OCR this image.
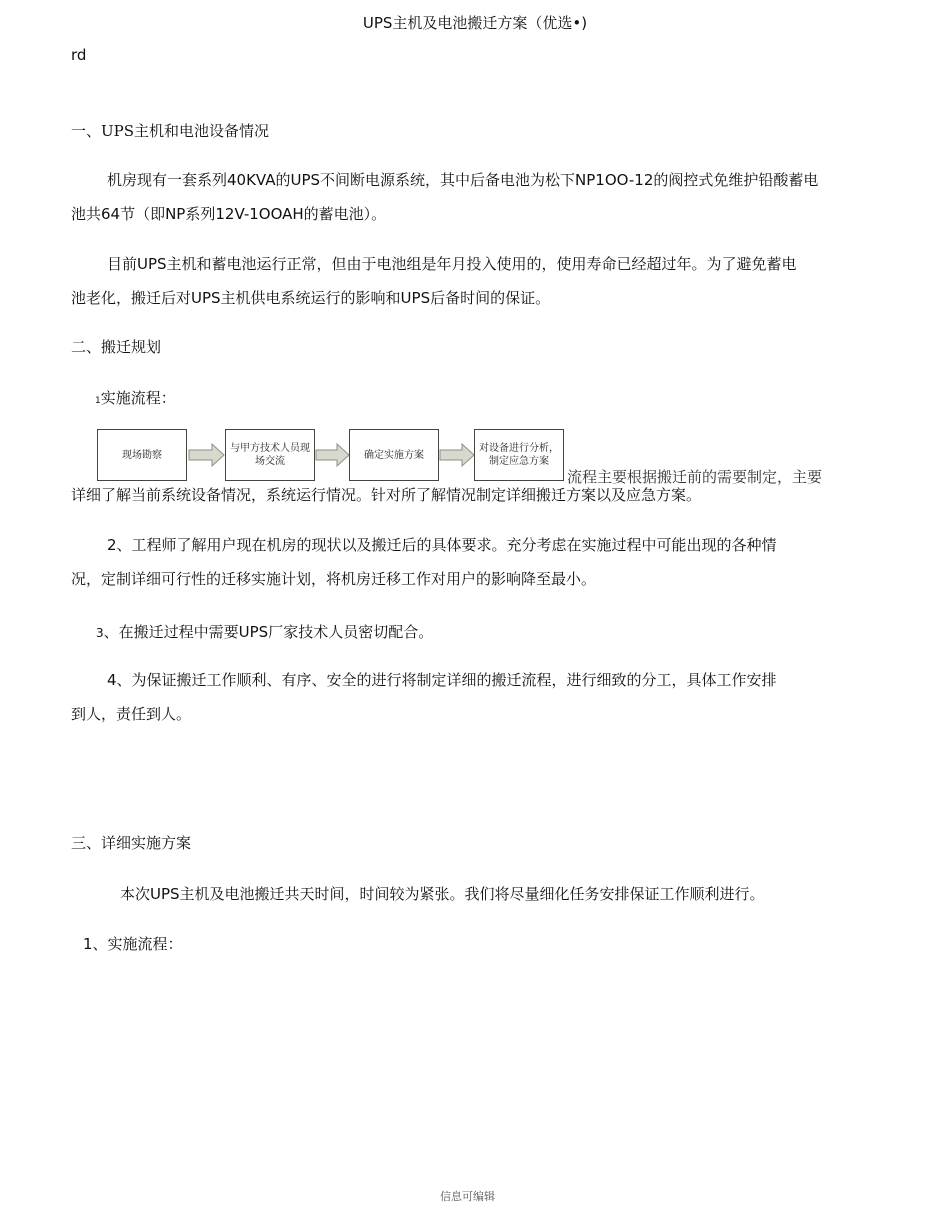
UPS主机及电池搬迁方案（优选•)
rd
一、UPS主机和电池设备情况
机房现有一套系列40KVA的UPS不间断电源系统，其中后备电池为松下NP1OO-12的阀控式免维护铅酸蓄电
池共64节（即NP系列12V-1OOAH的蓄电池）。
目前UPS主机和蓄电池运行正常，但由于电池组是年月投入使用的，使用寿命已经超过年。为了避免蓄电
池老化，搬迁后对UPS主机供电系统运行的影响和UPS后备时间的保证。
二、搬迁规划
1实施流程：
现场勘察
与甲方技术人员现场交流
确定实施方案
对设备进行分析，制定应急方案
流程主要根据搬迁前的需要制定，主要
详细了解当前系统设备情况，系统运行情况。针对所了解情况制定详细搬迁方案以及应急方案。
2、工程师了解用户现在机房的现状以及搬迁后的具体要求。充分考虑在实施过程中可能出现的各种情
况，定制详细可行性的迁移实施计划，将机房迁移工作对用户的影响降至最小。
3、在搬迁过程中需要UPS厂家技术人员密切配合。
4、为保证搬迁工作顺利、有序、安全的进行将制定详细的搬迁流程，进行细致的分工，具体工作安排
到人，责任到人。
三、详细实施方案
本次UPS主机及电池搬迁共天时间，时间较为紧张。我们将尽量细化任务安排保证工作顺利进行。
1、实施流程：
信息可编辑
